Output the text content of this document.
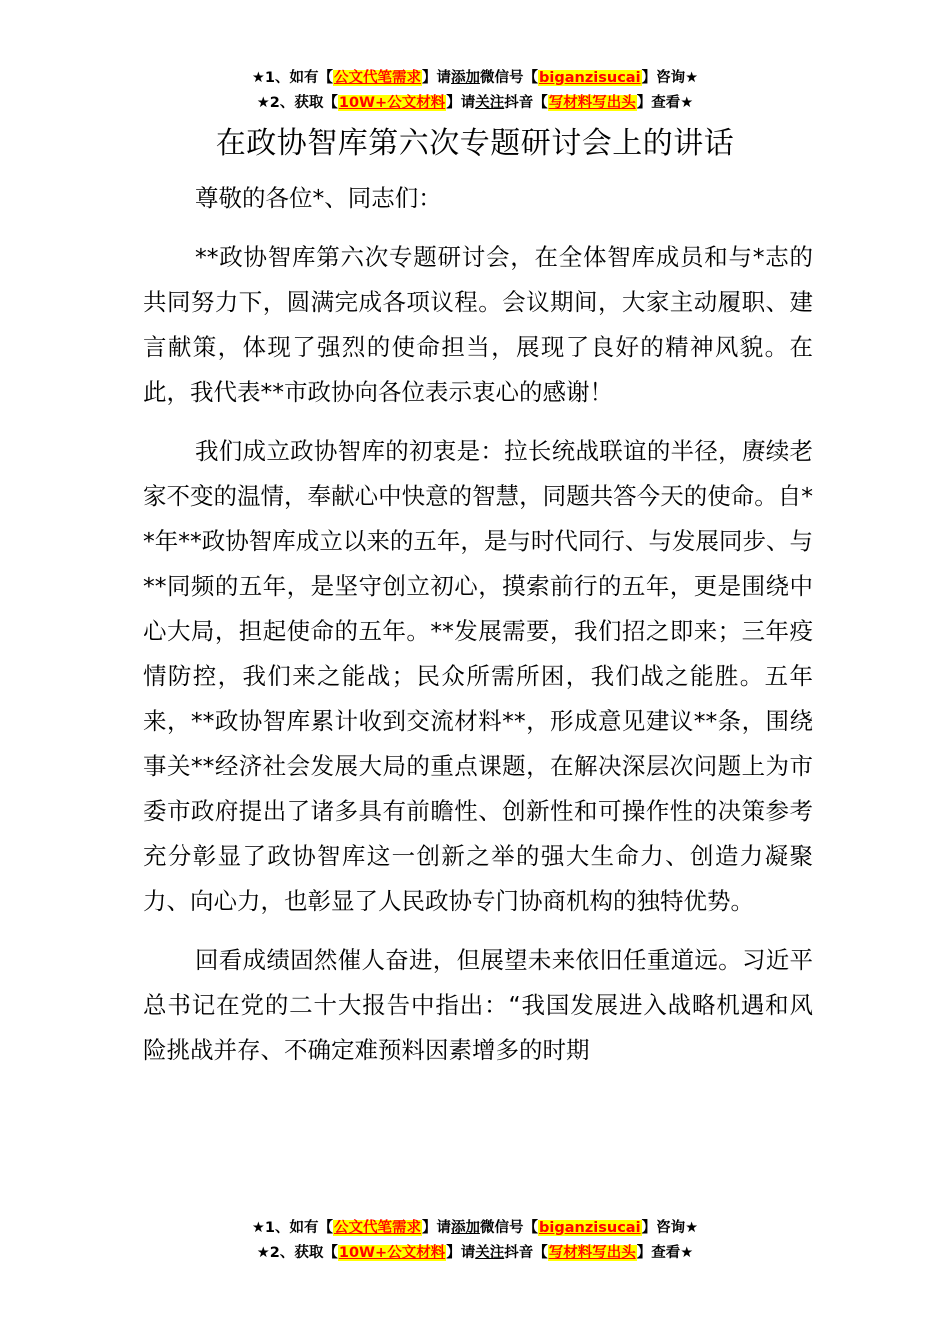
★1、如有【公文代笔需求】请添加微信号【biganzisucai】咨询★
★2、获取【10W+公文材料】请关注抖音【写材料写出头】查看★
在政协智库第六次专题研讨会上的讲话

尊敬的各位*、同志们：

**政协智库第六次专题研讨会，在全体智库成员和与*志的共同努力下，圆满完成各项议程。会议期间，大家主动履职、建言献策，体现了强烈的使命担当，展现了良好的精神风貌。在此，我代表**市政协向各位表示衷心的感谢！

我们成立政协智库的初衷是：拉长统战联谊的半径，赓续老家不变的温情，奉献心中快意的智慧，同题共答今天的使命。自**年**政协智库成立以来的五年，是与时代同行、与发展同步、与**同频的五年，是坚守创立初心，摸索前行的五年，更是围绕中心大局，担起使命的五年。**发展需要，我们招之即来；三年疫情防控，我们来之能战；民众所需所困，我们战之能胜。五年来，**政协智库累计收到交流材料**，形成意见建议**条，围绕事关**经济社会发展大局的重点课题，在解决深层次问题上为市委市政府提出了诸多具有前瞻性、创新性和可操作性的决策参考充分彰显了政协智库这一创新之举的强大生命力、创造力凝聚力、向心力，也彰显了人民政协专门协商机构的独特优势。

回看成绩固然催人奋进，但展望未来依旧任重道远。习近平总书记在党的二十大报告中指出：“我国发展进入战略机遇和风险挑战并存、不确定难预料因素增多的时期

★1、如有【公文代笔需求】请添加微信号【biganzisucai】咨询★
★2、获取【10W+公文材料】请关注抖音【写材料写出头】查看★
